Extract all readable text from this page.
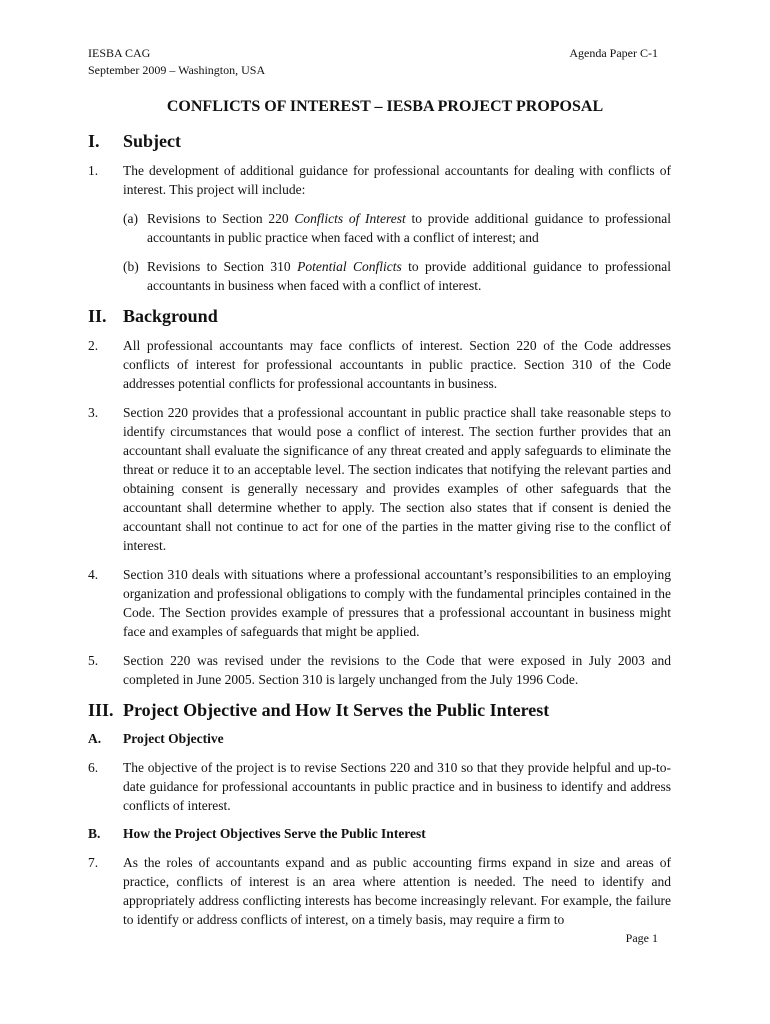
IESBA CAG
September 2009 – Washington, USA
Agenda Paper C-1
CONFLICTS OF INTEREST – IESBA PROJECT PROPOSAL
I.	Subject
1.	The development of additional guidance for professional accountants for dealing with conflicts of interest. This project will include:
(a) Revisions to Section 220 Conflicts of Interest to provide additional guidance to professional accountants in public practice when faced with a conflict of interest; and
(b) Revisions to Section 310 Potential Conflicts to provide additional guidance to professional accountants in business when faced with a conflict of interest.
II. Background
2.	All professional accountants may face conflicts of interest. Section 220 of the Code addresses conflicts of interest for professional accountants in public practice. Section 310 of the Code addresses potential conflicts for professional accountants in business.
3.	Section 220 provides that a professional accountant in public practice shall take reasonable steps to identify circumstances that would pose a conflict of interest. The section further provides that an accountant shall evaluate the significance of any threat created and apply safeguards to eliminate the threat or reduce it to an acceptable level. The section indicates that notifying the relevant parties and obtaining consent is generally necessary and provides examples of other safeguards that the accountant shall determine whether to apply. The section also states that if consent is denied the accountant shall not continue to act for one of the parties in the matter giving rise to the conflict of interest.
4.	Section 310 deals with situations where a professional accountant’s responsibilities to an employing organization and professional obligations to comply with the fundamental principles contained in the Code. The Section provides example of pressures that a professional accountant in business might face and examples of safeguards that might be applied.
5.	Section 220 was revised under the revisions to the Code that were exposed in July 2003 and completed in June 2005. Section 310 is largely unchanged from the July 1996 Code.
III. Project Objective and How It Serves the Public Interest
A.	Project Objective
6.	The objective of the project is to revise Sections 220 and 310 so that they provide helpful and up-to-date guidance for professional accountants in public practice and in business to identify and address conflicts of interest.
B.	How the Project Objectives Serve the Public Interest
7.	As the roles of accountants expand and as public accounting firms expand in size and areas of practice, conflicts of interest is an area where attention is needed. The need to identify and appropriately address conflicting interests has become increasingly relevant. For example, the failure to identify or address conflicts of interest, on a timely basis, may require a firm to
Page 1
